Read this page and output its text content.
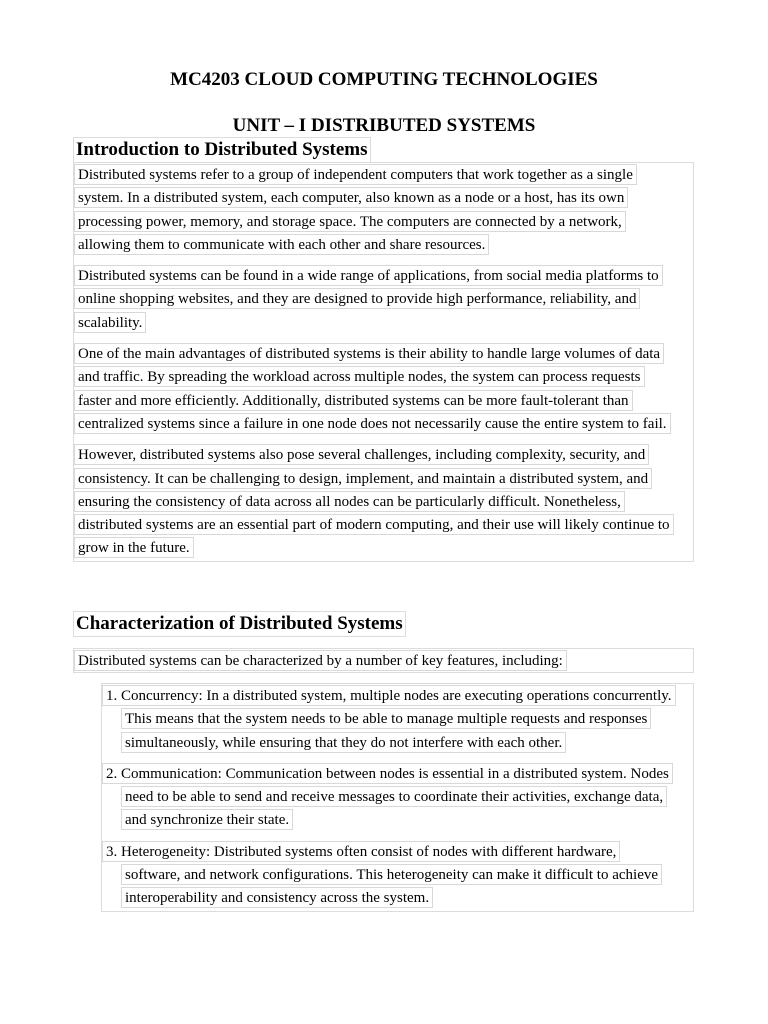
MC4203 CLOUD COMPUTING TECHNOLOGIES
UNIT – I DISTRIBUTED SYSTEMS
Introduction to Distributed Systems
Distributed systems refer to a group of independent computers that work together as a single
system. In a distributed system, each computer, also known as a node or a host, has its own
processing power, memory, and storage space. The computers are connected by a network,
allowing them to communicate with each other and share resources.
Distributed systems can be found in a wide range of applications, from social media platforms to
online shopping websites, and they are designed to provide high performance, reliability, and
scalability.
One of the main advantages of distributed systems is their ability to handle large volumes of data
and traffic. By spreading the workload across multiple nodes, the system can process requests
faster and more efficiently. Additionally, distributed systems can be more fault-tolerant than
centralized systems since a failure in one node does not necessarily cause the entire system to fail.
However, distributed systems also pose several challenges, including complexity, security, and
consistency. It can be challenging to design, implement, and maintain a distributed system, and
ensuring the consistency of data across all nodes can be particularly difficult. Nonetheless,
distributed systems are an essential part of modern computing, and their use will likely continue to
grow in the future.
Characterization of Distributed Systems
Distributed systems can be characterized by a number of key features, including:
1. Concurrency: In a distributed system, multiple nodes are executing operations concurrently.
This means that the system needs to be able to manage multiple requests and responses
simultaneously, while ensuring that they do not interfere with each other.
2. Communication: Communication between nodes is essential in a distributed system. Nodes
need to be able to send and receive messages to coordinate their activities, exchange data,
and synchronize their state.
3. Heterogeneity: Distributed systems often consist of nodes with different hardware,
software, and network configurations. This heterogeneity can make it difficult to achieve
interoperability and consistency across the system.
